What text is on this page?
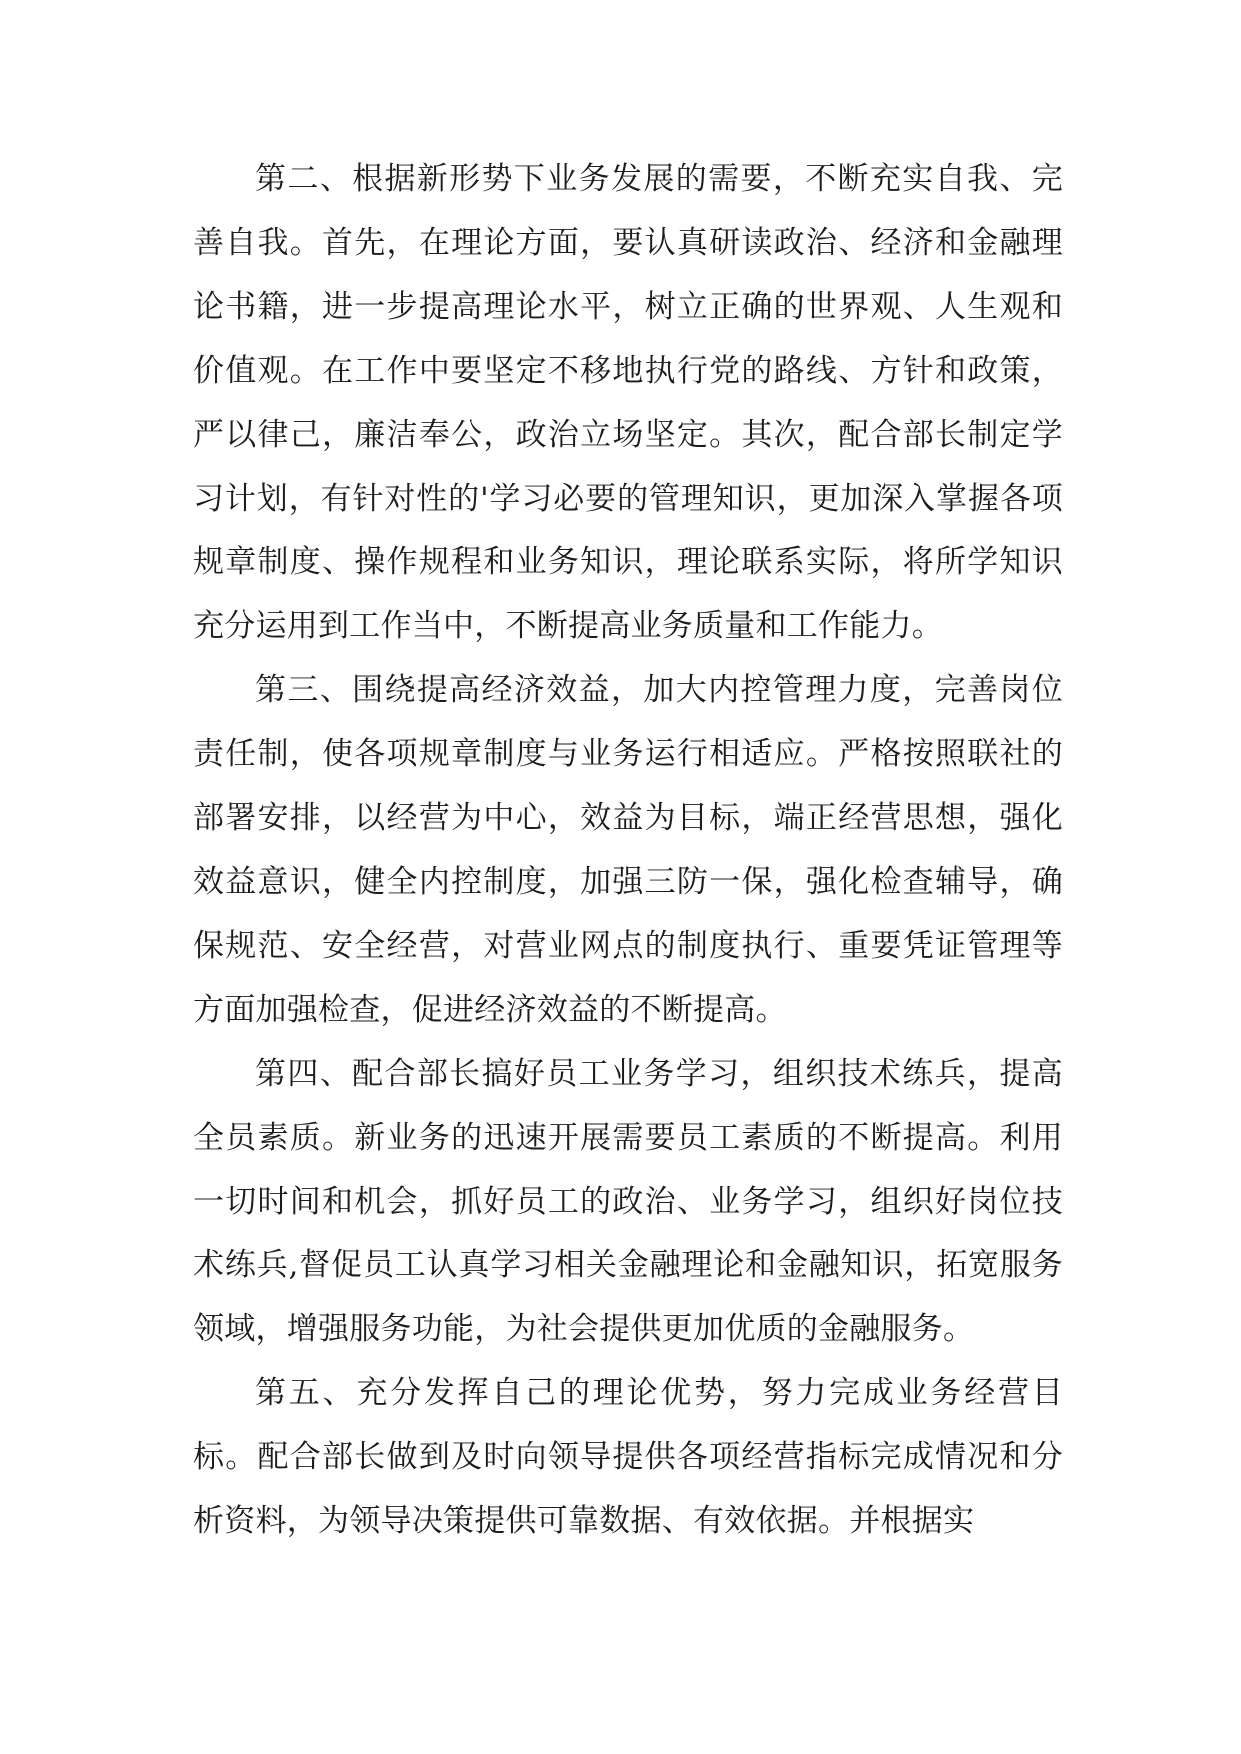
第二、根据新形势下业务发展的需要，不断充实自我、完善自我。首先，在理论方面，要认真研读政治、经济和金融理论书籍，进一步提高理论水平，树立正确的世界观、人生观和价值观。在工作中要坚定不移地执行党的路线、方针和政策，严以律己，廉洁奉公，政治立场坚定。其次，配合部长制定学习计划，有针对性的'学习必要的管理知识，更加深入掌握各项规章制度、操作规程和业务知识，理论联系实际，将所学知识充分运用到工作当中，不断提高业务质量和工作能力。

第三、围绕提高经济效益，加大内控管理力度，完善岗位责任制，使各项规章制度与业务运行相适应。严格按照联社的部署安排，以经营为中心，效益为目标，端正经营思想，强化效益意识，健全内控制度，加强三防一保，强化检查辅导，确保规范、安全经营，对营业网点的制度执行、重要凭证管理等方面加强检查，促进经济效益的不断提高。

第四、配合部长搞好员工业务学习，组织技术练兵，提高全员素质。新业务的迅速开展需要员工素质的不断提高。利用一切时间和机会，抓好员工的政治、业务学习，组织好岗位技术练兵,督促员工认真学习相关金融理论和金融知识，拓宽服务领域，增强服务功能，为社会提供更加优质的金融服务。

第五、充分发挥自己的理论优势，努力完成业务经营目标。配合部长做到及时向领导提供各项经营指标完成情况和分析资料，为领导决策提供可靠数据、有效依据。并根据实
